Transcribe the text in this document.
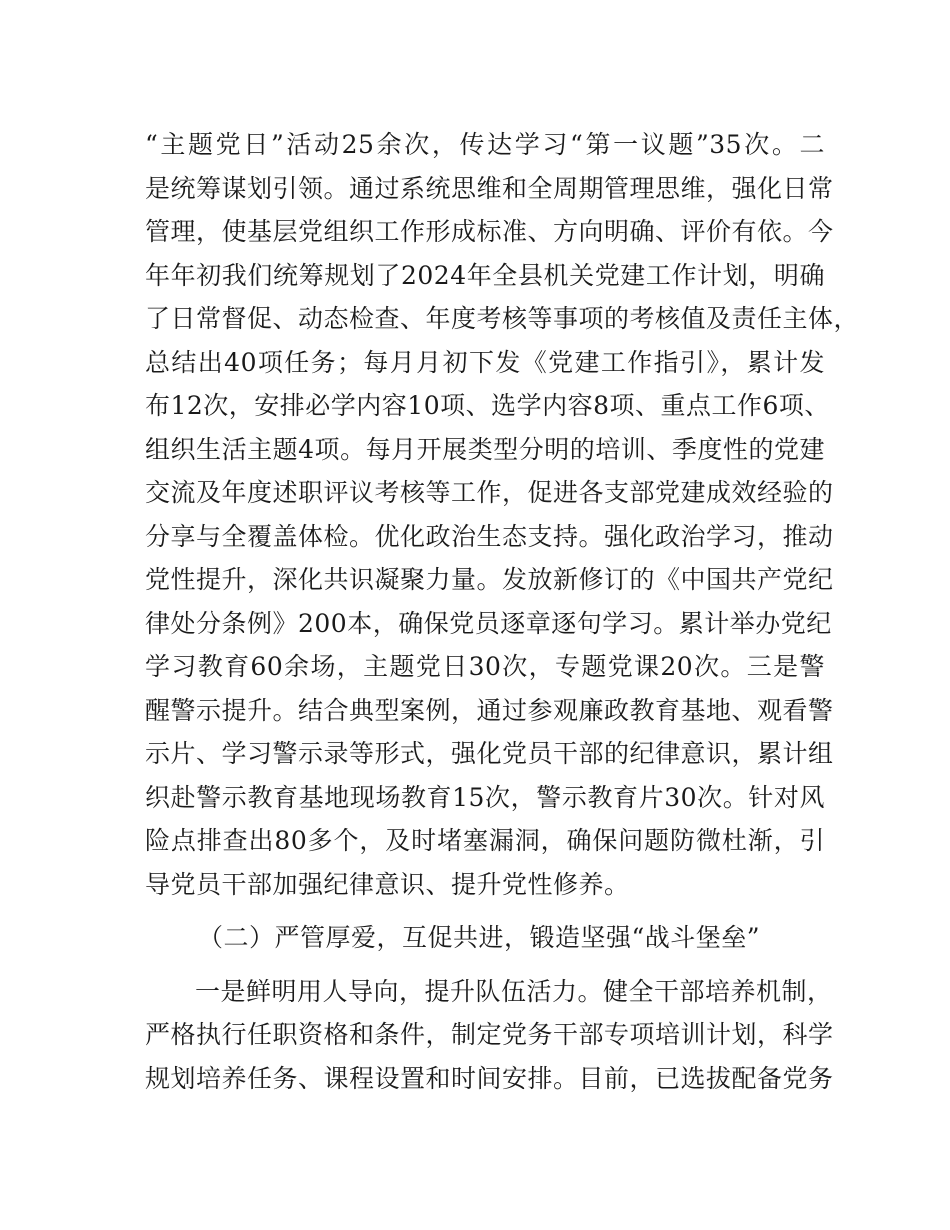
“主题党日”活动25余次，传达学习“第一议题”35次。二
是统筹谋划引领。通过系统思维和全周期管理思维，强化日常
管理，使基层党组织工作形成标准、方向明确、评价有依。今
年年初我们统筹规划了2024年全县机关党建工作计划，明确
了日常督促、动态检查、年度考核等事项的考核值及责任主体，
总结出40项任务；每月月初下发《党建工作指引》，累计发
布12次，安排必学内容10项、选学内容8项、重点工作6项、
组织生活主题4项。每月开展类型分明的培训、季度性的党建
交流及年度述职评议考核等工作，促进各支部党建成效经验的
分享与全覆盖体检。优化政治生态支持。强化政治学习，推动
党性提升，深化共识凝聚力量。发放新修订的《中国共产党纪
律处分条例》200本，确保党员逐章逐句学习。累计举办党纪
学习教育60余场，主题党日30次，专题党课20次。三是警
醒警示提升。结合典型案例，通过参观廉政教育基地、观看警
示片、学习警示录等形式，强化党员干部的纪律意识，累计组
织赴警示教育基地现场教育15次，警示教育片30次。针对风
险点排查出80多个，及时堵塞漏洞，确保问题防微杜渐，引
导党员干部加强纪律意识、提升党性修养。
（二）严管厚爱，互促共进，锻造坚强“战斗堡垒”
一是鲜明用人导向，提升队伍活力。健全干部培养机制，
严格执行任职资格和条件，制定党务干部专项培训计划，科学
规划培养任务、课程设置和时间安排。目前，已选拔配备党务
